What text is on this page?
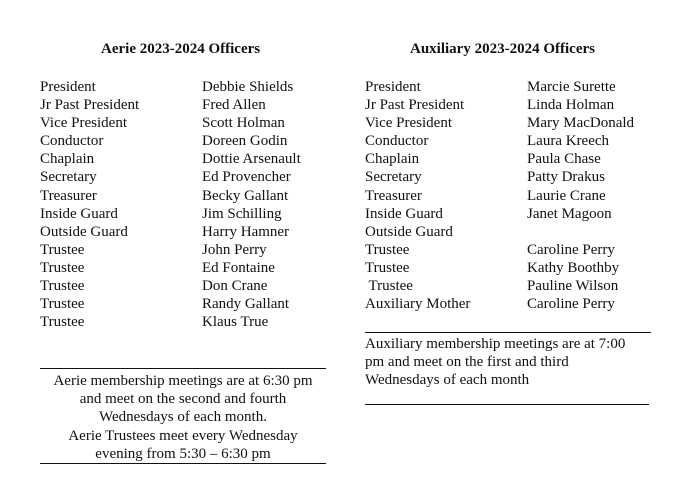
Aerie 2023-2024 Officers
President	Debbie Shields
Jr Past President	Fred Allen
Vice President	Scott Holman
Conductor	Doreen Godin
Chaplain	Dottie Arsenault
Secretary	Ed Provencher
Treasurer	Becky Gallant
Inside Guard	Jim Schilling
Outside Guard	Harry Hamner
Trustee	John Perry
Trustee	Ed Fontaine
Trustee	Don Crane
Trustee	Randy Gallant
Trustee	Klaus True
Aerie membership meetings are at 6:30 pm
and meet on the second and fourth
Wednesdays of each month.
Aerie Trustees meet every Wednesday
evening from 5:30 – 6:30 pm
Auxiliary 2023-2024 Officers
President	Marcie Surette
Jr Past President	Linda Holman
Vice President	Mary MacDonald
Conductor	Laura Kreech
Chaplain	Paula Chase
Secretary	Patty Drakus
Treasurer	Laurie Crane
Inside Guard	Janet Magoon
Outside Guard
Trustee	Caroline Perry
Trustee	Kathy Boothby
Trustee	Pauline Wilson
Auxiliary Mother	Caroline Perry
Auxiliary membership meetings are at 7:00
pm and meet on the first and third
Wednesdays of each month
